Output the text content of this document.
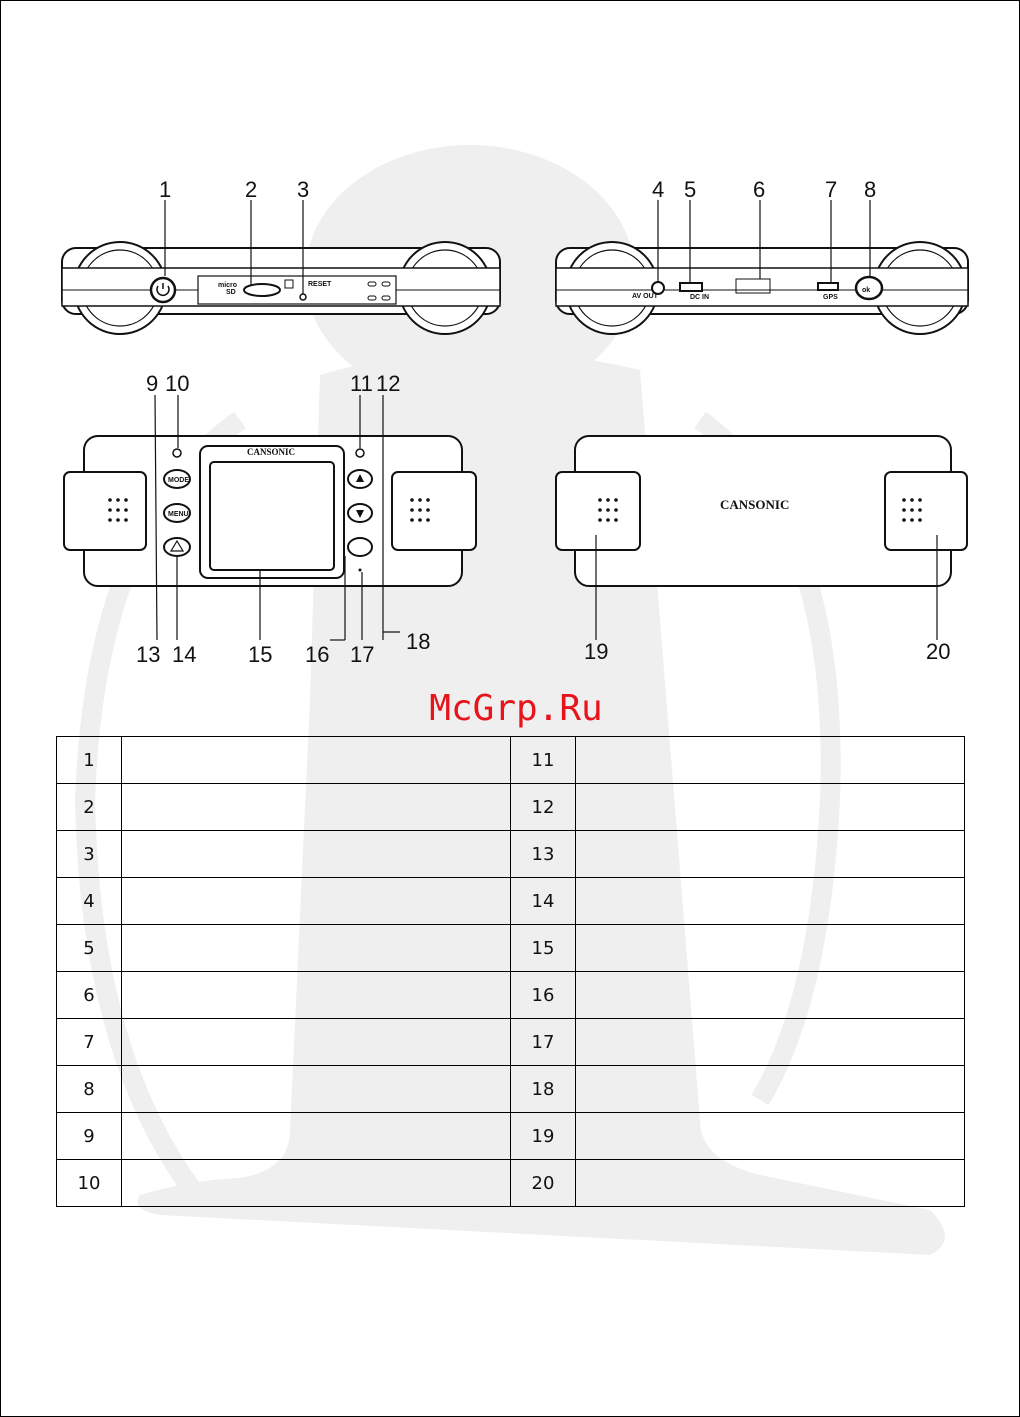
micro
SD
RESET
1	2 3
AV OUT	DC IN	GPS
ok
4 5	6	7 8
CANSONIC
MODE
MENU
9 10	11 12
13 14 15 16 17
18
CANSONIC
19	20
McGrp.Ru
1		11	
2		12	
3		13	
4		14	
5		15	
6		16	
7		17	
8		18	
9		19	
10		20	
